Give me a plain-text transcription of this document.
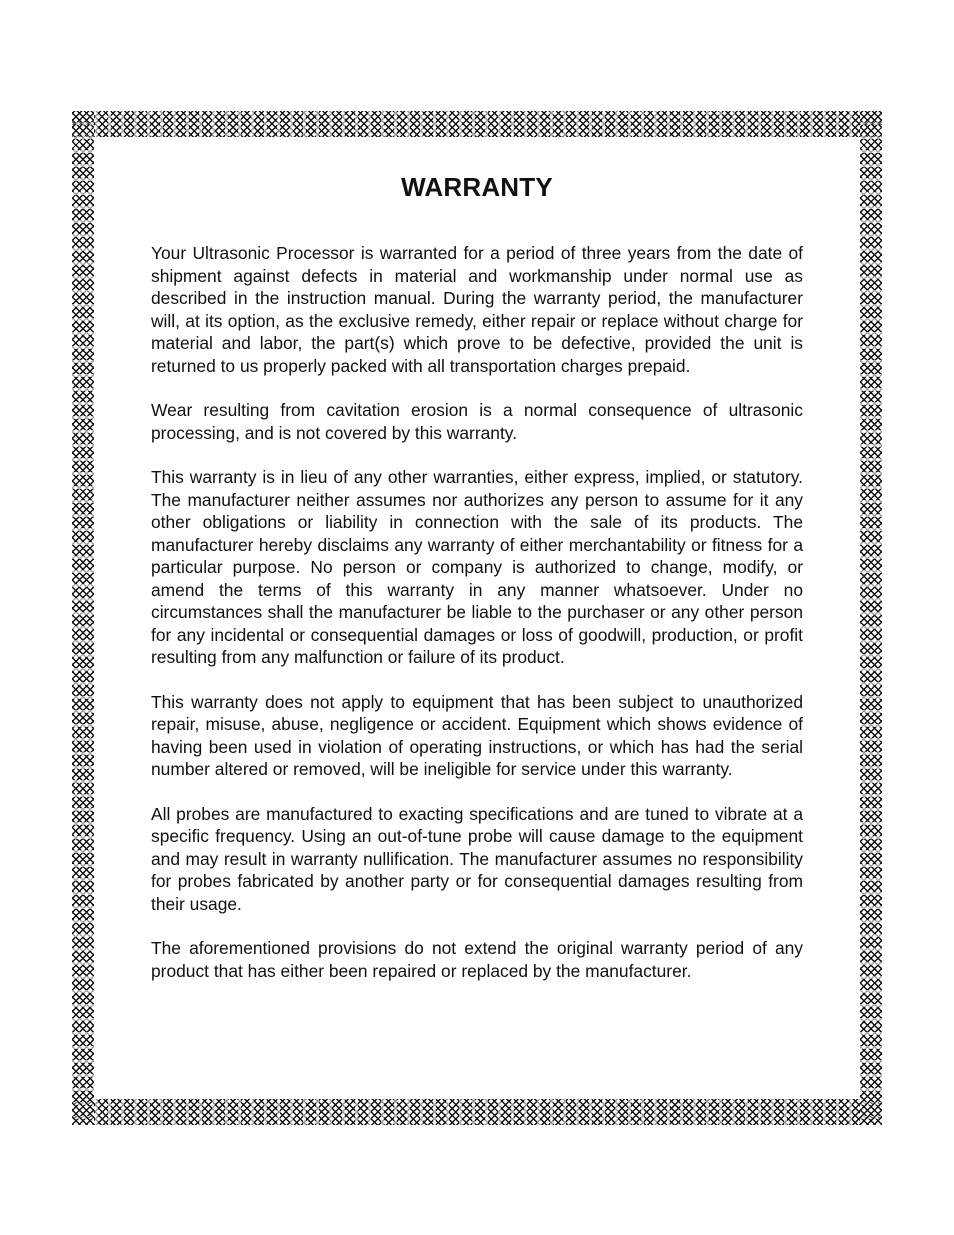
WARRANTY

Your Ultrasonic Processor is warranted for a period of three years from the date of shipment against defects in material and workmanship under normal use as described in the instruction manual. During the warranty period, the manufacturer will, at its option, as the exclusive remedy, either repair or replace without charge for material and labor, the part(s) which prove to be defective, provided the unit is returned to us properly packed with all transportation charges prepaid.

Wear resulting from cavitation erosion is a normal consequence of ultrasonic processing, and is not covered by this warranty.

This warranty is in lieu of any other warranties, either express, implied, or statutory. The manufacturer neither assumes nor authorizes any person to assume for it any other obligations or liability in connection with the sale of its products. The manufacturer hereby disclaims any warranty of either merchantability or fitness for a particular purpose. No person or company is authorized to change, modify, or amend the terms of this warranty in any manner whatsoever. Under no circumstances shall the manufacturer be liable to the purchaser or any other person for any incidental or consequential damages or loss of goodwill, production, or profit resulting from any malfunction or failure of its product.

This warranty does not apply to equipment that has been subject to unauthorized repair, misuse, abuse, negligence or accident. Equipment which shows evidence of having been used in violation of operating instructions, or which has had the serial number altered or removed, will be ineligible for service under this warranty.

All probes are manufactured to exacting specifications and are tuned to vibrate at a specific frequency. Using an out-of-tune probe will cause damage to the equipment and may result in warranty nullification. The manufacturer assumes no responsibility for probes fabricated by another party or for consequential damages resulting from their usage.

The aforementioned provisions do not extend the original warranty period of any product that has either been repaired or replaced by the manufacturer.
